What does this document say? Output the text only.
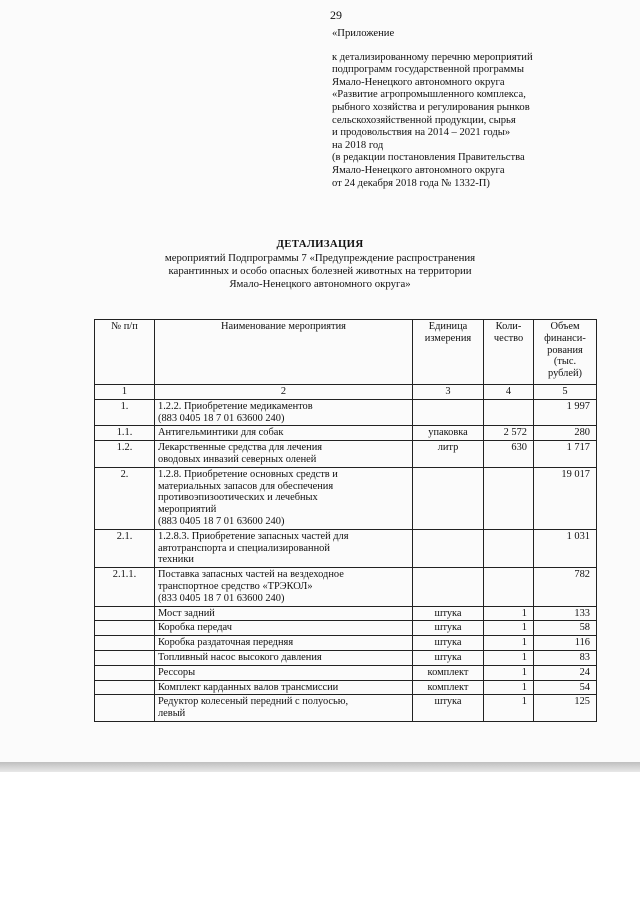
29
«Приложение
к детализированному перечню мероприятий
подпрограмм государственной программы
Ямало-Ненецкого автономного округа
«Развитие агропромышленного комплекса,
рыбного хозяйства и регулирования рынков
сельскохозяйственной продукции, сырья
и продовольствия на 2014 – 2021 годы»
на 2018 год
(в редакции постановления Правительства
Ямало-Ненецкого автономного округа
от 24 декабря 2018 года № 1332-П)
ДЕТАЛИЗАЦИЯ
мероприятий Подпрограммы 7 «Предупреждение распространения
карантинных и особо опасных болезней животных на территории
Ямало-Ненецкого автономного округа»
№ п/п	Наименование мероприятия	Единица измерения	Коли-чество	Объем финанси-рования (тыс. рублей)
1	2	3	4	5
1.	1.2.2. Приобретение медикаментов
(883 0405 18 7 01 63600 240)			1 997
1.1.	Антигельминтики для собак	упаковка	2 572	280
1.2.	Лекарственные средства для лечения
оводовых инвазий северных оленей	литр	630	1 717
2.	1.2.8. Приобретение основных средств и
материальных запасов для обеспечения
противоэпизоотических и лечебных
мероприятий
(883 0405 18 7 01 63600 240)			19 017
2.1.	1.2.8.3. Приобретение запасных частей для
автотранспорта и специализированной
техники			1 031
2.1.1.	Поставка запасных частей на вездеходное
транспортное средство «ТРЭКОЛ»
(833 0405 18 7 01 63600 240)			782

	Мост задний	штука	1	133

	Коробка передач	штука	1	58

	Коробка раздаточная передняя	штука	1	116

	Топливный насос высокого давления	штука	1	83

	Рессоры	комплект	1	24

	Комплект карданных валов трансмиссии	комплект	1	54

	Редуктор колесеный передний с полуосью,
левый	штука	1	125
